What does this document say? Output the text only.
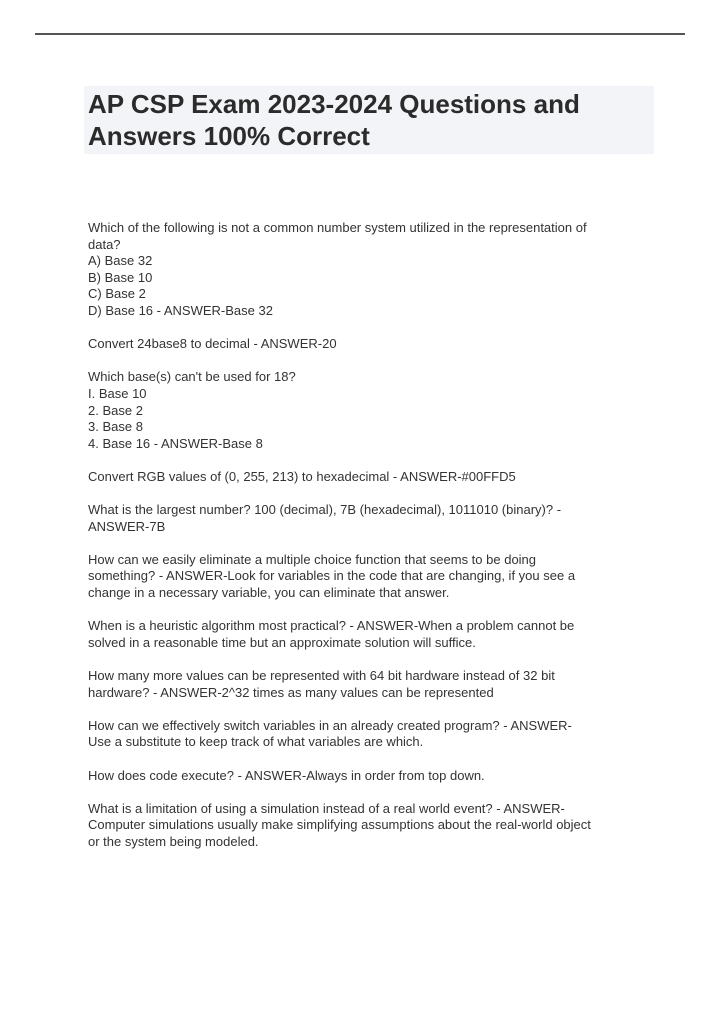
AP CSP Exam 2023-2024 Questions and
Answers 100% Correct
Which of the following is not a common number system utilized in the representation of
data?
A) Base 32
B) Base 10
C) Base 2
D) Base 16 - ANSWER-Base 32
Convert 24base8 to decimal - ANSWER-20
Which base(s) can't be used for 18?
I. Base 10
2. Base 2
3. Base 8
4. Base 16 - ANSWER-Base 8
Convert RGB values of (0, 255, 213) to hexadecimal - ANSWER-#00FFD5
What is the largest number? 100 (decimal), 7B (hexadecimal), 1011010 (binary)? -
ANSWER-7B
How can we easily eliminate a multiple choice function that seems to be doing
something? - ANSWER-Look for variables in the code that are changing, if you see a
change in a necessary variable, you can eliminate that answer.
When is a heuristic algorithm most practical? - ANSWER-When a problem cannot be
solved in a reasonable time but an approximate solution will suffice.
How many more values can be represented with 64 bit hardware instead of 32 bit
hardware? - ANSWER-2^32 times as many values can be represented
How can we effectively switch variables in an already created program? - ANSWER-
Use a substitute to keep track of what variables are which.
How does code execute? - ANSWER-Always in order from top down.
What is a limitation of using a simulation instead of a real world event? - ANSWER-
Computer simulations usually make simplifying assumptions about the real-world object
or the system being modeled.
